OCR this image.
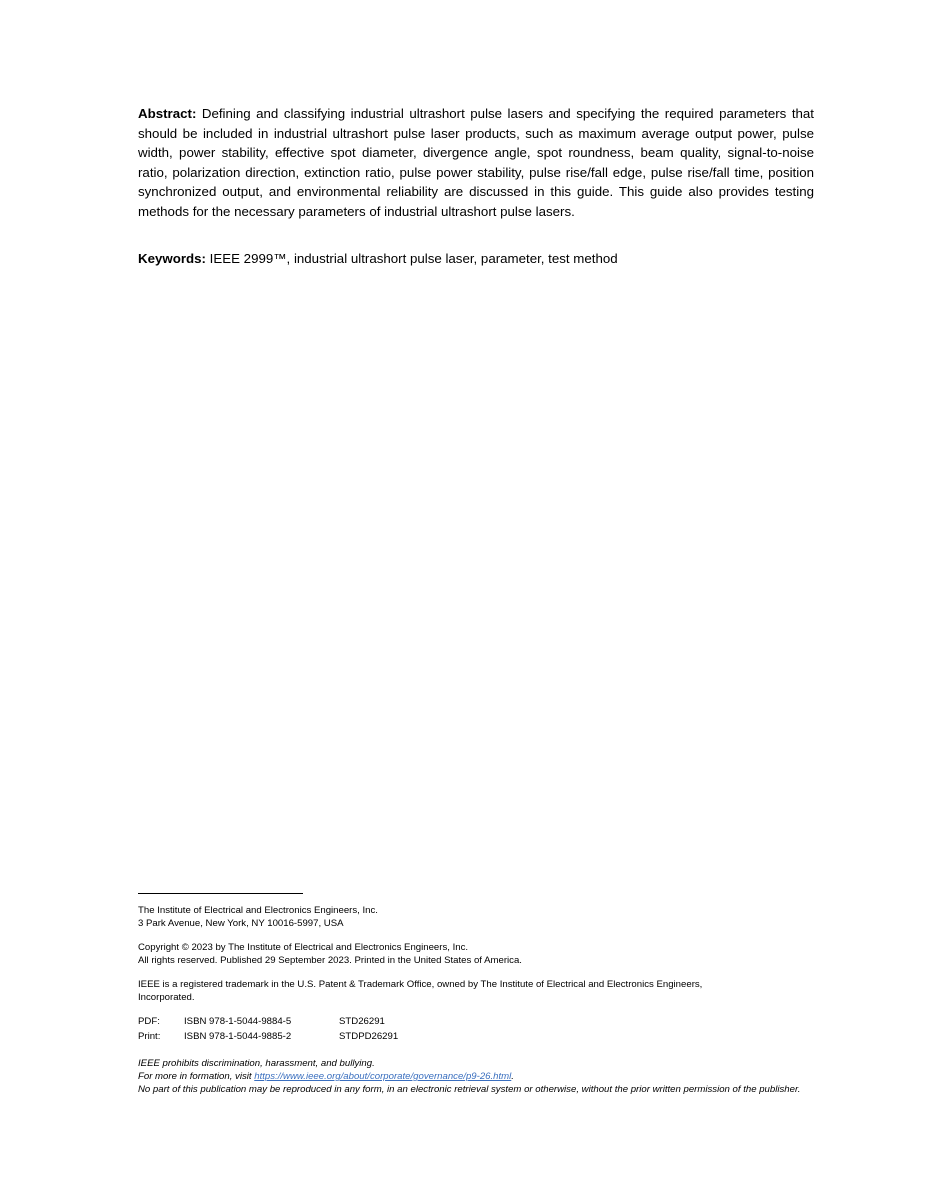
Abstract: Defining and classifying industrial ultrashort pulse lasers and specifying the required parameters that should be included in industrial ultrashort pulse laser products, such as maximum average output power, pulse width, power stability, effective spot diameter, divergence angle, spot roundness, beam quality, signal-to-noise ratio, polarization direction, extinction ratio, pulse power stability, pulse rise/fall edge, pulse rise/fall time, position synchronized output, and environmental reliability are discussed in this guide. This guide also provides testing methods for the necessary parameters of industrial ultrashort pulse lasers.

Keywords: IEEE 2999™, industrial ultrashort pulse laser, parameter, test method

The Institute of Electrical and Electronics Engineers, Inc.
3 Park Avenue, New York, NY 10016-5997, USA
Copyright © 2023 by The Institute of Electrical and Electronics Engineers, Inc.
All rights reserved. Published 29 September 2023. Printed in the United States of America.
IEEE is a registered trademark in the U.S. Patent & Trademark Office, owned by The Institute of Electrical and Electronics Engineers,
Incorporated.
PDF:	ISBN 978-1-5044-9884-5	STD26291
Print:	ISBN 978-1-5044-9885-2	STDPD26291
IEEE prohibits discrimination, harassment, and bullying.
For more in formation, visit https://www.ieee.org/about/corporate/governance/p9-26.html.
No part of this publication may be reproduced in any form, in an electronic retrieval system or otherwise, without the prior written permission of the publisher.
